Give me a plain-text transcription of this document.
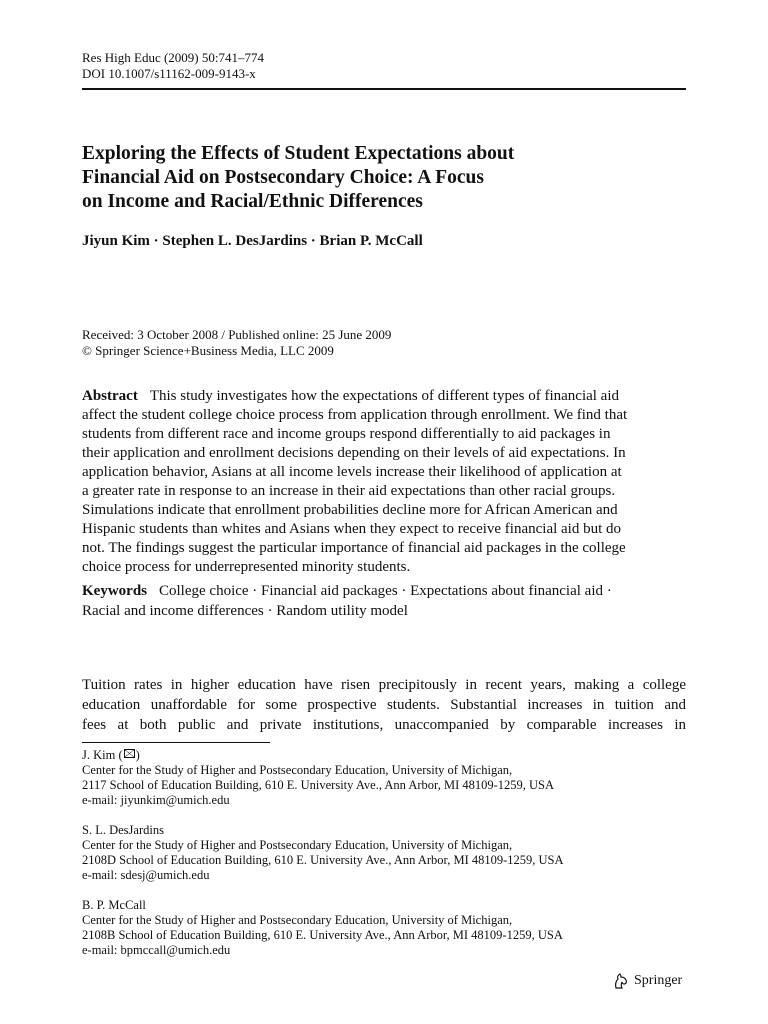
Res High Educ (2009) 50:741–774
DOI 10.1007/s11162-009-9143-x
Exploring the Effects of Student Expectations about
Financial Aid on Postsecondary Choice: A Focus
on Income and Racial/Ethnic Differences
Jiyun Kim · Stephen L. DesJardins · Brian P. McCall
Received: 3 October 2008 / Published online: 25 June 2009
© Springer Science+Business Media, LLC 2009
Abstract This study investigates how the expectations of different types of financial aid
affect the student college choice process from application through enrollment. We find that
students from different race and income groups respond differentially to aid packages in
their application and enrollment decisions depending on their levels of aid expectations. In
application behavior, Asians at all income levels increase their likelihood of application at
a greater rate in response to an increase in their aid expectations than other racial groups.
Simulations indicate that enrollment probabilities decline more for African American and
Hispanic students than whites and Asians when they expect to receive financial aid but do
not. The findings suggest the particular importance of financial aid packages in the college
choice process for underrepresented minority students.
Keywords College choice · Financial aid packages · Expectations about financial aid ·
Racial and income differences · Random utility model
Tuition rates in higher education have risen precipitously in recent years, making a college
education unaffordable for some prospective students. Substantial increases in tuition and
fees at both public and private institutions, unaccompanied by comparable increases in
J. Kim ( )
Center for the Study of Higher and Postsecondary Education, University of Michigan,
2117 School of Education Building, 610 E. University Ave., Ann Arbor, MI 48109-1259, USA
e-mail: jiyunkim@umich.edu
S. L. DesJardins
Center for the Study of Higher and Postsecondary Education, University of Michigan,
2108D School of Education Building, 610 E. University Ave., Ann Arbor, MI 48109-1259, USA
e-mail: sdesj@umich.edu
B. P. McCall
Center for the Study of Higher and Postsecondary Education, University of Michigan,
2108B School of Education Building, 610 E. University Ave., Ann Arbor, MI 48109-1259, USA
e-mail: bpmccall@umich.edu
Springer
